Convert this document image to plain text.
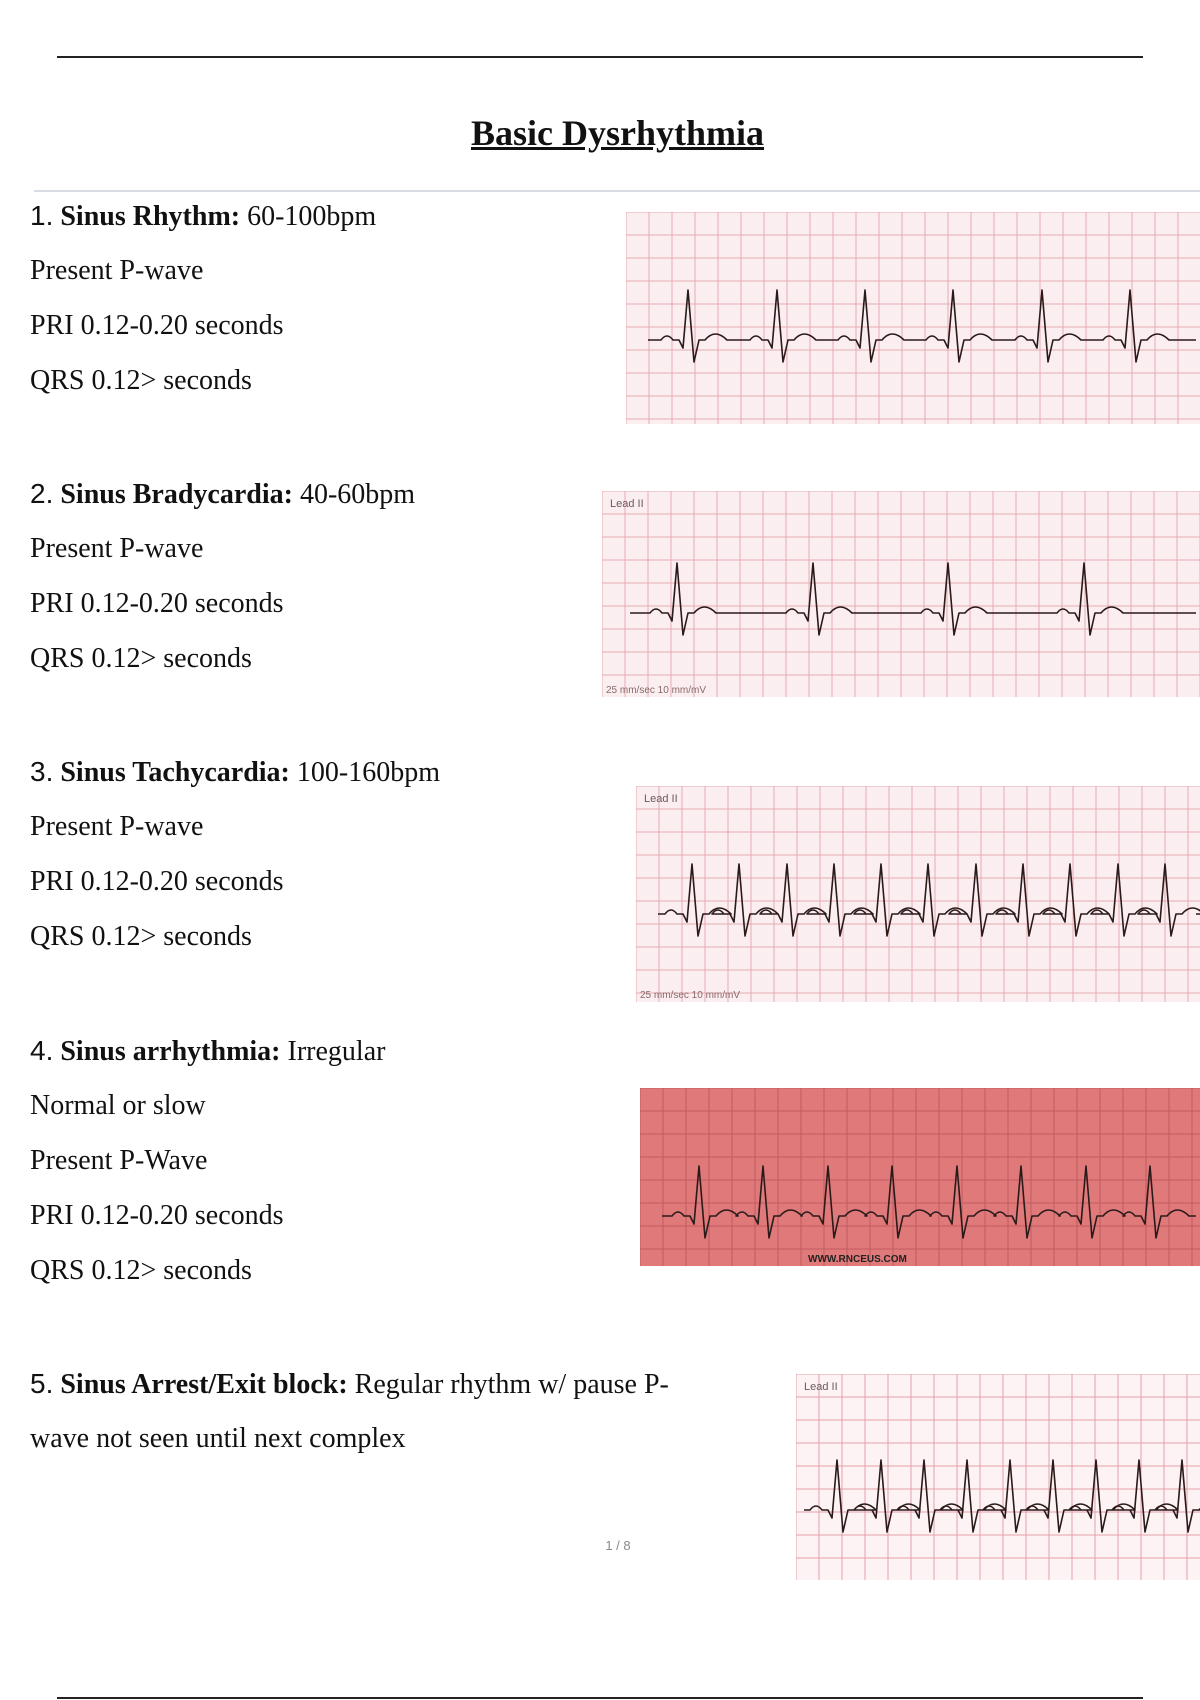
Basic Dysrhythmia
1. Sinus Rhythm: 60-100bpm
Present P-wave
PRI 0.12-0.20 seconds
QRS 0.12> seconds
2. Sinus Bradycardia: 40-60bpm
Present P-wave
PRI 0.12-0.20 seconds
QRS 0.12> seconds
Lead II
25 mm/sec 10 mm/mV
3. Sinus Tachycardia: 100-160bpm
Present P-wave
PRI 0.12-0.20 seconds
QRS 0.12> seconds
Lead II
25 mm/sec 10 mm/mV
4. Sinus arrhythmia: Irregular
Normal or slow
Present P-Wave
PRI 0.12-0.20 seconds
QRS 0.12> seconds	WWW.RNCEUS.COM
5. Sinus Arrest/Exit block: Regular rhythm w/ pause P-
wave not seen until next complex
Lead II
1 / 8
